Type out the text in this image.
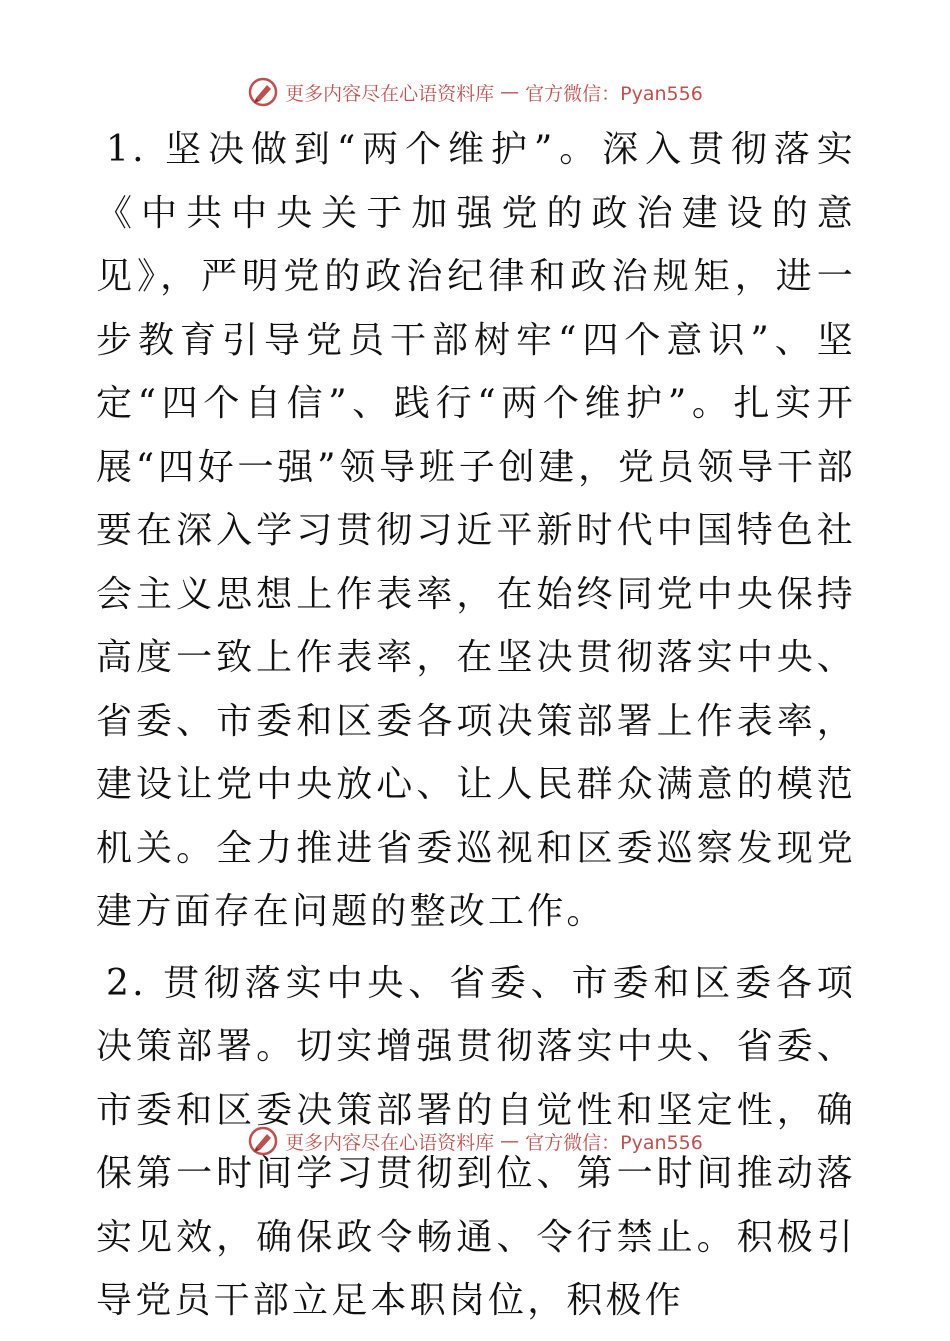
更多内容尽在心语资料库 — 官方微信：Pyan556

1. 坚决做到“两个维护”。深入贯彻落实《中共中央关于加强党的政治建设的意见》，严明党的政治纪律和政治规矩，进一步教育引导党员干部树牢“四个意识”、坚定“四个自信”、践行“两个维护”。扎实开展“四好一强”领导班子创建，党员领导干部要在深入学习贯彻习近平新时代中国特色社会主义思想上作表率，在始终同党中央保持高度一致上作表率，在坚决贯彻落实中央、省委、市委和区委各项决策部署上作表率，建设让党中央放心、让人民群众满意的模范机关。全力推进省委巡视和区委巡察发现党建方面存在问题的整改工作。

2. 贯彻落实中央、省委、市委和区委各项决策部署。切实增强贯彻落实中央、省委、市委和区委决策部署的自觉性和坚定性，确保第一时间学习贯彻到位、第一时间推动落实见效，确保政令畅通、令行禁止。积极引导党员干部立足本职岗位，积极作

更多内容尽在心语资料库 — 官方微信：Pyan556
